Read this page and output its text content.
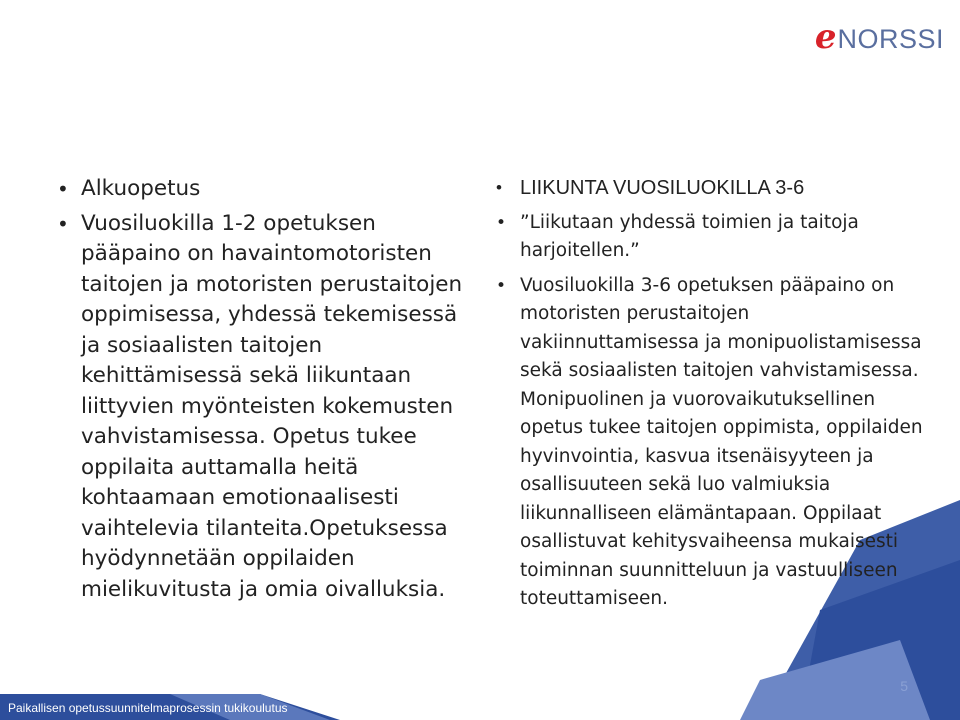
e NORSSI
• Alkuopetus
• Vuosiluokilla 1-2 opetuksen pääpaino on havaintomotoristen taitojen ja motoristen perustaitojen oppimisessa, yhdessä tekemisessä ja sosiaalisten taitojen kehittämisessä sekä liikuntaan liittyvien myönteisten kokemusten vahvistamisessa. Opetus tukee oppilaita auttamalla heitä kohtaamaan emotionaalisesti vaihtelevia tilanteita.Opetuksessa hyödynnetään oppilaiden mielikuvitusta ja omia oivalluksia.
• LIIKUNTA VUOSILUOKILLA 3-6
• ”Liikutaan yhdessä toimien ja taitoja harjoitellen.”
• Vuosiluokilla 3-6 opetuksen pääpaino on motoristen perustaitojen vakiinnuttamisessa ja monipuolistamisessa sekä sosiaalisten taitojen vahvistamisessa. Monipuolinen ja vuorovaikutuksellinen opetus tukee taitojen oppimista, oppilaiden hyvinvointia, kasvua itsenäisyyteen ja osallisuuteen sekä luo valmiuksia liikunnalliseen elämäntapaan. Oppilaat osallistuvat kehitysvaiheensa mukaisesti toiminnan suunnitteluun ja vastuulliseen toteuttamiseen.
Paikallisen opetussuunnitelmaprosessin tukikoulutus
5
